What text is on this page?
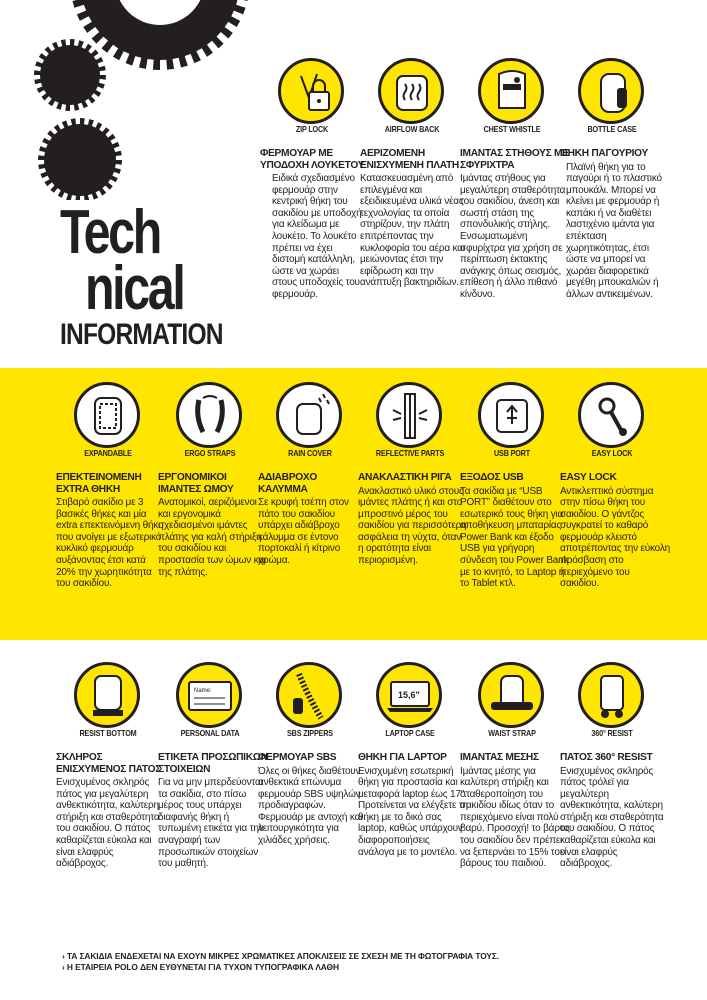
Tech
nical
INFORMATION
ZIP LOCK
ΦΕΡΜΟΥΑΡ ΜΕ ΥΠΟΔΟΧΗ ΛΟΥΚΕΤΟΥ
Ειδικά σχεδιασμένο φερμουάρ στην κεντρική θήκη του σακιδίου με υποδοχή για κλείδωμα με λουκέτο. Το λουκέτο πρέπει να έχει διστομή κατάλληλη, ώστε να χωράει στους υποδοχείς του φερμουάρ.
AIRFLOW BACK
ΑΕΡΙΖΟΜΕΝΗ ΕΝΙΣΧΥΜΕΝΗ ΠΛΑΤΗ
Κατασκευασμένη από επιλεγμένα και εξειδικευμένα υλικά νέας τεχνολογίας τα οποία στηρίζουν, την πλάτη επιτρέποντας την κυκλοφορία του αέρα και μειώνοντας έτσι την εφίδρωση και την ανάπτυξη βακτηριδίων.
CHEST WHISTLE
ΙΜΑΝΤΑΣ ΣΤΗΘΟΥΣ ΜΕ ΣΦΥΡΙΧΤΡΑ
Ιμάντας στήθους για μεγαλύτερη σταθερότητα του σακιδίου, άνεση και σωστή στάση της σπονδυλικής στήλης. Ενσωματωμένη σφυρίχτρα για χρήση σε περίπτωση έκτακτης ανάγκης όπως σεισμός, επίθεση ή άλλο πιθανό κίνδυνο.
BOTTLE CASE
ΘΗΚΗ ΠΑΓΟΥΡΙΟΥ
Πλαϊνή θήκη για το παγούρι ή το πλαστικό μπουκάλι. Μπορεί να κλείνει με φερμουάρ ή καπάκι ή να διαθέτει λαστιχένιο ιμάντα για επέκταση χωρητικότητας, έτσι ώστε να μπορεί να χωράει διαφορετικά μεγέθη μπουκαλιών ή άλλων αντικειμένων.
EXPANDABLE
ΕΠΕΚΤΕΙΝΟΜΕΝΗ EXTRA ΘΗΚΗ
Στιβαρό σακίδιο με 3 βασικές θήκες και μία extra επεκτεινόμενη θήκη που ανοίγει με εξωτερικό κυκλικό φερμουάρ αυξάνοντας έτσι κατά 20% την χωρητικότητα του σακιδίου.
ERGO STRAPS
ΕΡΓΟΝΟΜΙΚΟΙ ΙΜΑΝΤΕΣ ΩΜΟΥ
Ανατομικοί, αεριζόμενοι και εργονομικά σχεδιασμένοι ιμάντες πλάτης για καλή στήριξη του σακιδίου και προστασία των ώμων και της πλάτης.
RAIN COVER
ΑΔΙΑΒΡΟΧΟ ΚΑΛΥΜΜΑ
Σε κρυφή τσέπη στον πάτο του σακιδίου υπάρχει αδιάβροχο κάλυμμα σε έντονο πορτοκαλί ή κίτρινο χρώμα.
REFLECTIVE PARTS
ΑΝΑΚΛΑΣΤΙΚΗ ΡΙΓΑ
Ανακλαστικό υλικό στους ιμάντες πλάτης ή και στο μπροστινό μέρος του σακιδίου για περισσότερη ασφάλεια τη νύχτα, όταν η ορατότητα είναι περιορισμένη.
USB PORT
ΕΞΟΔΟΣ USB
Τα σακίδια με “USB PORT” διαθέτουν στο εσωτερικό τους θήκη για αποθήκευση μπαταρίας Power Bank και έξοδο USB για γρήγορη σύνδεση του Power Bank με το κινητό, το Laptop ή το Tablet κτλ.
EASY LOCK
EASY LOCK
Αντικλεπτικό σύστημα στην πίσω θήκη του σακιδίου. Ο γάντζος συγκρατεί το καθαρό φερμουάρ κλειστό αποτρέποντας την εύκολη πρόσβαση στο περιεχόμενο του σακιδίου.
RESIST BOTTOM
ΣΚΛΗΡΟΣ ΕΝΙΣΧΥΜΕΝΟΣ ΠΑΤΟΣ
Ενισχυμένος σκληρός πάτος για μεγαλύτερη ανθεκτικότητα, καλύτερη στήριξη και σταθερότητα του σακιδίου. Ο πάτος καθαρίζεται εύκολα και είναι ελαφρύς αδιάβροχος.
Name:
PERSONAL DATA
ΕΤΙΚΕΤΑ ΠΡΟΣΩΠΙΚΩΝ ΣΤΟΙΧΕΙΩΝ
Για να μην μπερδεύονται τα σακίδια, στο πίσω μέρος τους υπάρχει διαφανής θήκη ή τυπωμένη ετικέτα για την αναγραφή των προσωπικών στοιχείων του μαθητή.
SBS ZIPPERS
ΦΕΡΜΟΥΑΡ SBS
Όλες οι θήκες διαθέτουν ανθεκτικά επώνυμα φερμουάρ SBS υψηλών προδιαγραφών. Φερμουάρ με αντοχή και λειτουργικότητα για χιλιάδες χρήσεις.
15,6"
LAPTOP CASE
ΘΗΚΗ ΓΙΑ LAPTOP
Ενισχυμένη εσωτερική θήκη για προστασία και μεταφορά laptop έως 17". Προτείνεται να ελέγξετε τη θήκη με το δικό σας laptop, καθώς υπάρχουν διαφοροποιήσεις ανάλογα με το μοντέλο.
WAIST STRAP
ΙΜΑΝΤΑΣ ΜΕΣΗΣ
Ιμάντας μέσης για καλύτερη στήριξη και σταθεροποίηση του σακιδίου ιδίως όταν το περιεχόμενο είναι πολύ βαρύ. Προσοχή! το βάρος του σακιδίου δεν πρέπει να ξεπερνάει το 15% του βάρους του παιδιού.
360° RESIST
ΠΑΤΟΣ 360° RESIST
Ενισχυμένος σκληρός πάτος τρόλεϊ για μεγαλύτερη ανθεκτικότητα, καλύτερη στήριξη και σταθερότητα του σακιδίου. Ο πάτος καθαρίζεται εύκολα και είναι ελαφρύς αδιάβροχος.
› ΤΑ ΣΑΚΙΔΙΑ ΕΝΔΕΧΕΤΑΙ ΝΑ ΕΧΟΥΝ ΜΙΚΡΕΣ ΧΡΩΜΑΤΙΚΕΣ ΑΠΟΚΛΙΣΕΙΣ ΣΕ ΣΧΕΣΗ ΜΕ ΤΗ ΦΩΤΟΓΡΑΦΙΑ ΤΟΥΣ.
› Η ΕΤΑΙΡΕΙΑ POLO ΔΕΝ ΕΥΘΥΝΕΤΑΙ ΓΙΑ ΤΥΧΟΝ ΤΥΠΟΓΡΑΦΙΚΑ ΛΑΘΗ
